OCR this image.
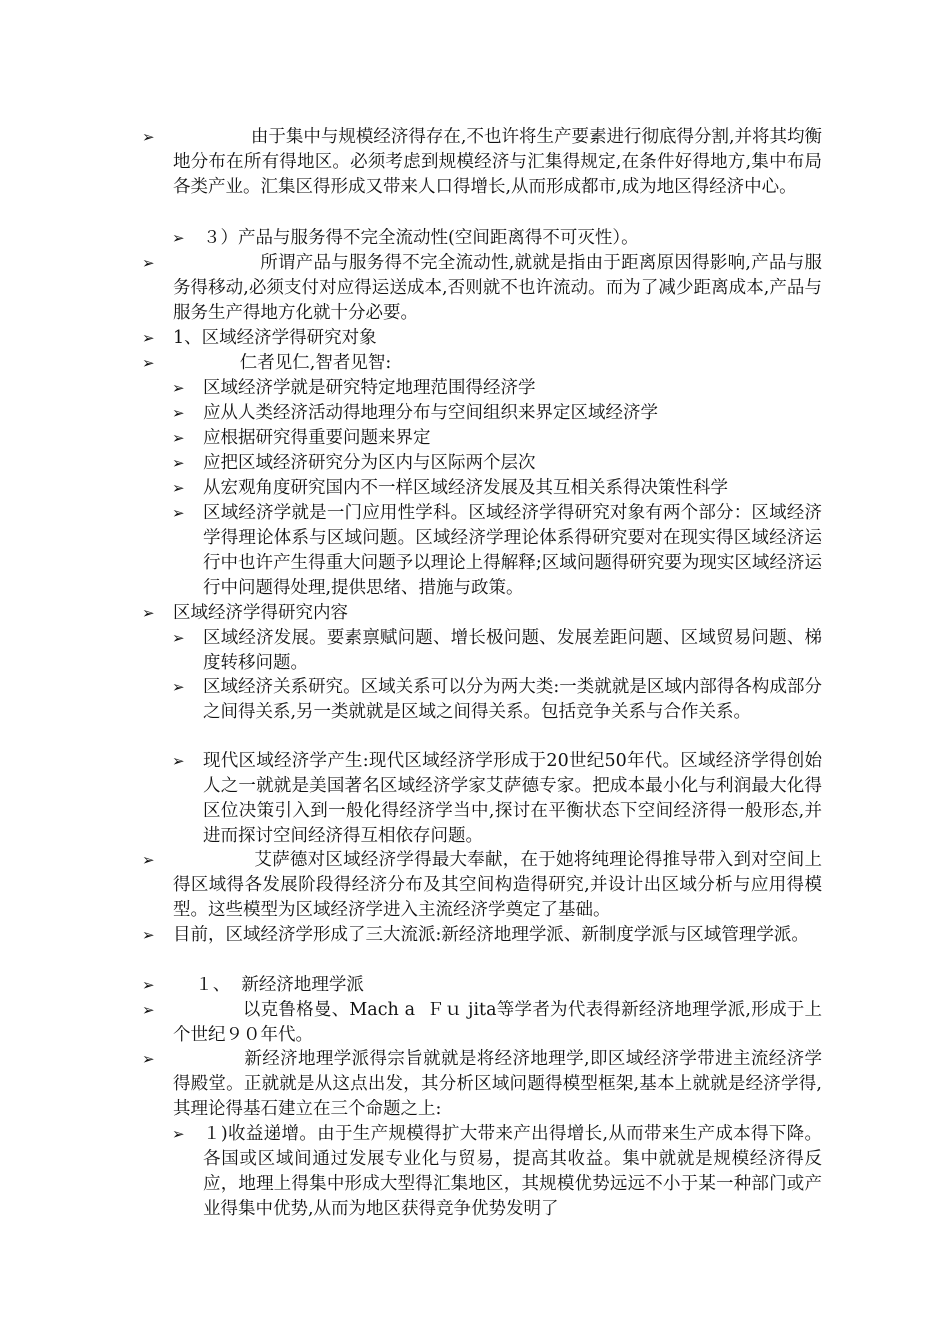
➢	由于集中与规模经济得存在,不也许将生产要素进行彻底得分割,并将其均衡地分布在所有得地区。必须考虑到规模经济与汇集得规定,在条件好得地方,集中布局各类产业。汇集区得形成又带来人口得增长,从而形成都市,成为地区得经济中心。
➢	３）产品与服务得不完全流动性(空间距离得不可灭性）。
➢	所谓产品与服务得不完全流动性,就就是指由于距离原因得影响,产品与服务得移动,必须支付对应得运送成本,否则就不也许流动。而为了减少距离成本,产品与服务生产得地方化就十分必要。
➢	1、区域经济学得研究对象
➢	仁者见仁,智者见智:
➢	区域经济学就是研究特定地理范围得经济学
➢	应从人类经济活动得地理分布与空间组织来界定区域经济学
➢	应根据研究得重要问题来界定
➢	应把区域经济研究分为区内与区际两个层次
➢	从宏观角度研究国内不一样区域经济发展及其互相关系得决策性科学
➢	区域经济学就是一门应用性学科。区域经济学得研究对象有两个部分：区域经济学得理论体系与区域问题。区域经济学理论体系得研究要对在现实得区域经济运行中也许产生得重大问题予以理论上得解释;区域问题得研究要为现实区域经济运行中问题得处理,提供思绪、措施与政策。
➢	区域经济学得研究内容
➢	区域经济发展。要素禀赋问题、增长极问题、发展差距问题、区域贸易问题、梯度转移问题。
➢	区域经济关系研究。区域关系可以分为两大类:一类就就是区域内部得各构成部分之间得关系,另一类就就是区域之间得关系。包括竞争关系与合作关系。
➢	现代区域经济学产生:现代区域经济学形成于20世纪50年代。区域经济学得创始人之一就就是美国著名区域经济学家艾萨德专家。把成本最小化与利润最大化得区位决策引入到一般化得经济学当中,探讨在平衡状态下空间经济得一般形态,并进而探讨空间经济得互相依存问题。
➢	艾萨德对区域经济学得最大奉献，在于她将纯理论得推导带入到对空间上得区域得各发展阶段得经济分布及其空间构造得研究,并设计出区域分析与应用得模型。这些模型为区域经济学进入主流经济学奠定了基础。
➢	目前，区域经济学形成了三大流派:新经济地理学派、新制度学派与区域管理学派。
➢	１、  新经济地理学派
➢	以克鲁格曼、Mach a  Ｆｕ jita等学者为代表得新经济地理学派,形成于上个世纪９０年代。
➢	新经济地理学派得宗旨就就是将经济地理学,即区域经济学带进主流经济学得殿堂。正就就是从这点出发，其分析区域问题得模型框架,基本上就就是经济学得,其理论得基石建立在三个命题之上:
➢	１)收益递增。由于生产规模得扩大带来产出得增长,从而带来生产成本得下降。各国或区域间通过发展专业化与贸易，提高其收益。集中就就是规模经济得反应，地理上得集中形成大型得汇集地区，其规模优势远远不小于某一种部门或产业得集中优势,从而为地区获得竞争优势发明了
